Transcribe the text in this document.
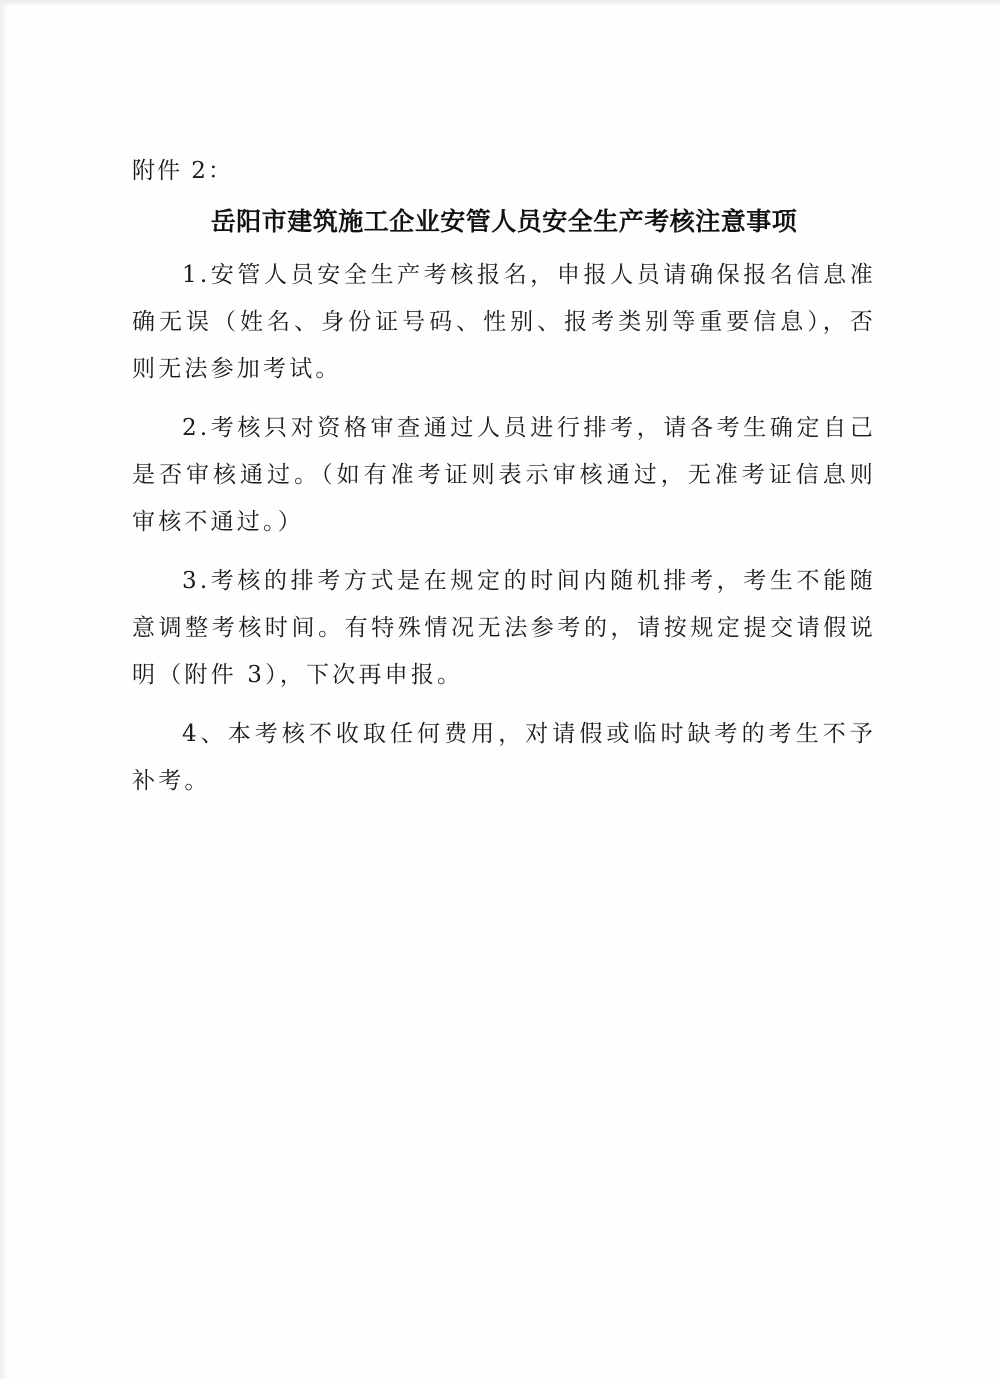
附件 2：
岳阳市建筑施工企业安管人员安全生产考核注意事项

1.安管人员安全生产考核报名，申报人员请确保报名信息准确无误（姓名、身份证号码、性别、报考类别等重要信息），否则无法参加考试。

2.考核只对资格审查通过人员进行排考，请各考生确定自己是否审核通过。（如有准考证则表示审核通过，无准考证信息则审核不通过。）

3.考核的排考方式是在规定的时间内随机排考，考生不能随意调整考核时间。有特殊情况无法参考的，请按规定提交请假说明（附件 3），下次再申报。

4、本考核不收取任何费用，对请假或临时缺考的考生不予补考。
